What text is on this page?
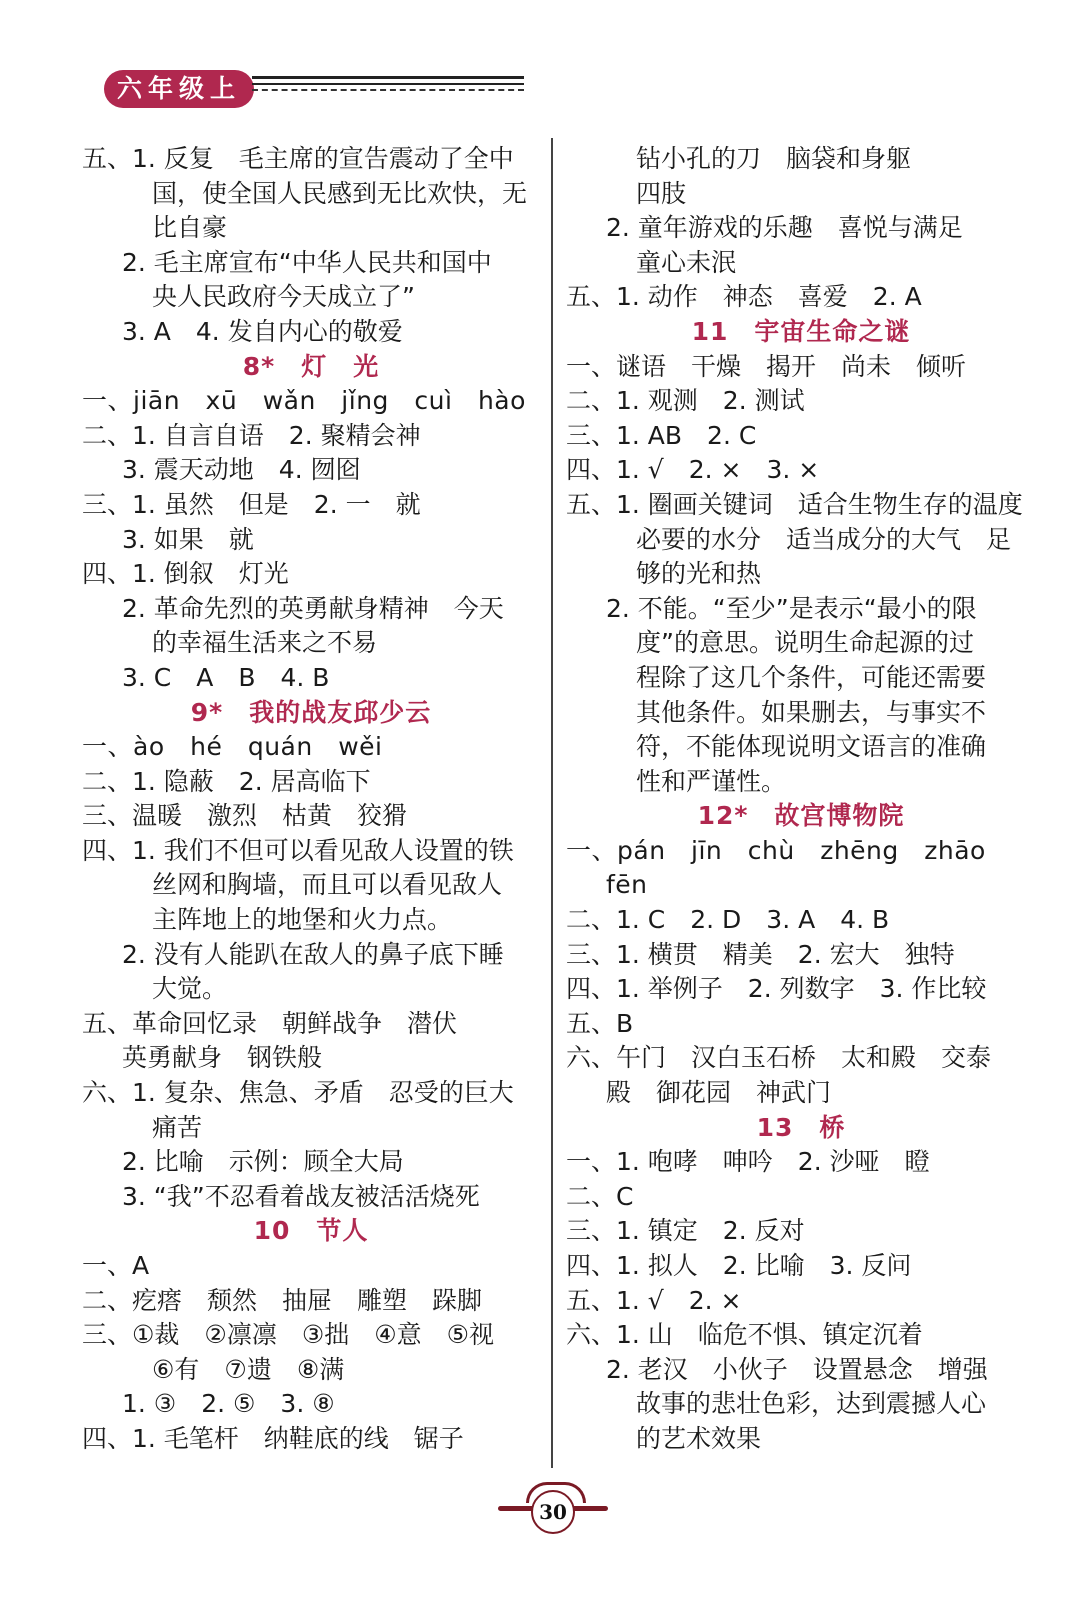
六年级上
五、1. 反复　毛主席的宣告震动了全中
国，使全国人民感到无比欢快，无
比自豪
2. 毛主席宣布“中华人民共和国中
央人民政府今天成立了”
3. A　4. 发自内心的敬爱
8*　灯　光
一、jiān　xū　wǎn　jǐng　cuì　hào
二、1. 自言自语　2. 聚精会神
3. 震天动地　4. 囫囵
三、1. 虽然　但是　2. 一　就
3. 如果　就
四、1. 倒叙　灯光
2. 革命先烈的英勇献身精神　今天
的幸福生活来之不易
3. C　A　B　4. B
9*　我的战友邱少云
一、ào　hé　quán　wěi
二、1. 隐蔽　2. 居高临下
三、温暖　激烈　枯黄　狡猾
四、1. 我们不但可以看见敌人设置的铁
丝网和胸墙，而且可以看见敌人
主阵地上的地堡和火力点。
2. 没有人能趴在敌人的鼻子底下睡
大觉。
五、革命回忆录　朝鲜战争　潜伏
英勇献身　钢铁般
六、1. 复杂、焦急、矛盾　忍受的巨大
痛苦
2. 比喻　示例：顾全大局
3. “我”不忍看着战友被活活烧死
10　节人
一、A
二、疙瘩　颓然　抽屉　雕塑　跺脚
三、①裁　②凛凛　③拙　④意　⑤视
⑥有　⑦遗　⑧满
1. ③　2. ⑤　3. ⑧
四、1. 毛笔杆　纳鞋底的线　锯子
钻小孔的刀　脑袋和身躯
四肢
2. 童年游戏的乐趣　喜悦与满足
童心未泯
五、1. 动作　神态　喜爱　2. A
11　宇宙生命之谜
一、谜语　干燥　揭开　尚未　倾听
二、1. 观测　2. 测试
三、1. AB　2. C
四、1. √　2. ×　3. ×
五、1. 圈画关键词　适合生物生存的温度
必要的水分　适当成分的大气　足
够的光和热
2. 不能。“至少”是表示“最小的限
度”的意思。说明生命起源的过
程除了这几个条件，可能还需要
其他条件。如果删去，与事实不
符，不能体现说明文语言的准确
性和严谨性。
12*　故宫博物院
一、pán　jīn　chù　zhēng　zhāo
fēn
二、1. C　2. D　3. A　4. B
三、1. 横贯　精美　2. 宏大　独特
四、1. 举例子　2. 列数字　3. 作比较
五、B
六、午门　汉白玉石桥　太和殿　交泰
殿　御花园　神武门
13　桥
一、1. 咆哮　呻吟　2. 沙哑　瞪
二、C
三、1. 镇定　2. 反对
四、1. 拟人　2. 比喻　3. 反问
五、1. √　2. ×
六、1. 山　临危不惧、镇定沉着
2. 老汉　小伙子　设置悬念　增强
故事的悲壮色彩，达到震撼人心
的艺术效果
30
